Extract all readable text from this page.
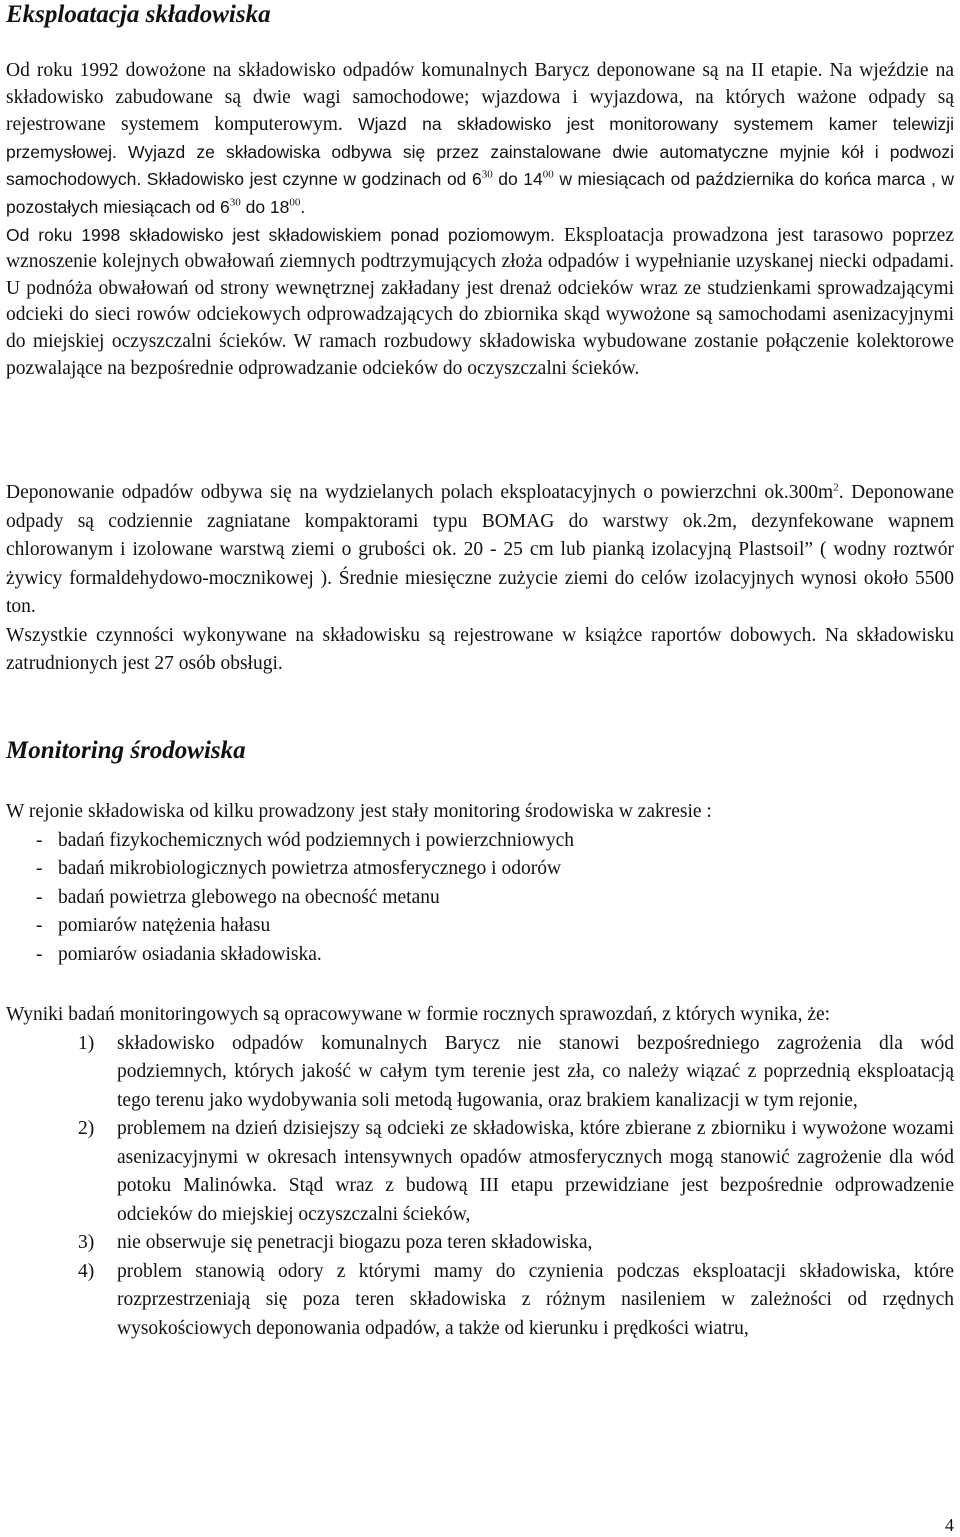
Eksploatacja składowiska

Od roku 1992 dowożone na składowisko odpadów komunalnych Barycz deponowane są na II etapie. Na wjeździe na składowisko zabudowane są dwie wagi samochodowe; wjazdowa i wyjazdowa, na których ważone odpady są rejestrowane systemem komputerowym. Wjazd na składowisko jest monitorowany systemem kamer telewizji przemysłowej. Wyjazd ze składowiska odbywa się przez zainstalowane dwie automatyczne myjnie kół i podwozi samochodowych. Składowisko jest czynne w godzinach od $6^{30}$ do $14^{00}$ w miesiącach od października do końca marca , w pozostałych miesiącach od $6^{30}$ do $18^{00}$.

Od roku 1998 składowisko jest składowiskiem ponad poziomowym. Eksploatacja prowadzona jest tarasowo poprzez wznoszenie kolejnych obwałowań ziemnych podtrzymujących złoża odpadów i wypełnianie uzyskanej niecki odpadami. U podnóża obwałowań od strony wewnętrznej zakładany jest drenaż odcieków wraz ze studzienkami sprowadzającymi odcieki do sieci rowów odciekowych odprowadzających do zbiornika skąd wywożone są samochodami asenizacyjnymi do miejskiej oczyszczalni ścieków. W ramach rozbudowy składowiska wybudowane zostanie połączenie kolektorowe pozwalające na bezpośrednie odprowadzanie odcieków do oczyszczalni ścieków.

Deponowanie odpadów odbywa się na wydzielanych polach eksploatacyjnych o powierzchni $ok.300m^2$. Deponowane odpady są codziennie zagniatane kompaktorami typu BOMAG do warstwy ok.2m, dezynfekowane wapnem chlorowanym i izolowane warstwą ziemi o grubości ok. 20 - 25 cm lub pianką izolacyjną Plastsoil” ( wodny roztwór żywicy formaldehydowo-mocznikowej ). Średnie miesięczne zużycie ziemi do celów izolacyjnych wynosi około 5500 ton.

Wszystkie czynności wykonywane na składowisku są rejestrowane w książce raportów dobowych. Na składowisku zatrudnionych jest 27 osób obsługi.

Monitoring środowiska

W rejonie składowiska od kilku prowadzony jest stały monitoring środowiska w zakresie :

- badań fizykochemicznych wód podziemnych i powierzchniowych
- badań mikrobiologicznych powietrza atmosferycznego i odorów
- badań powietrza glebowego na obecność metanu
- pomiarów natężenia hałasu
- pomiarów osiadania składowiska.

Wyniki badań monitoringowych są opracowywane w formie rocznych sprawozdań, z których wynika, że:

1) składowisko odpadów komunalnych Barycz nie stanowi bezpośredniego zagrożenia dla wód podziemnych, których jakość w całym tym terenie jest zła, co należy wiązać z poprzednią eksploatacją tego terenu jako wydobywania soli metodą ługowania, oraz brakiem kanalizacji w tym rejonie,
2) problemem na dzień dzisiejszy są odcieki ze składowiska, które zbierane z zbiorniku i wywożone wozami asenizacyjnymi w okresach intensywnych opadów atmosferycznych mogą stanowić zagrożenie dla wód potoku Malinówka. Stąd wraz z budową III etapu przewidziane jest bezpośrednie odprowadzenie odcieków do miejskiej oczyszczalni ścieków,
3) nie obserwuje się penetracji biogazu poza teren składowiska,
4) problem stanowią odory z którymi mamy do czynienia podczas eksploatacji składowiska, które rozprzestrzeniają się poza teren składowiska z różnym nasileniem w zależności od rzędnych wysokościowych deponowania odpadów, a także od kierunku i prędkości wiatru,
4
